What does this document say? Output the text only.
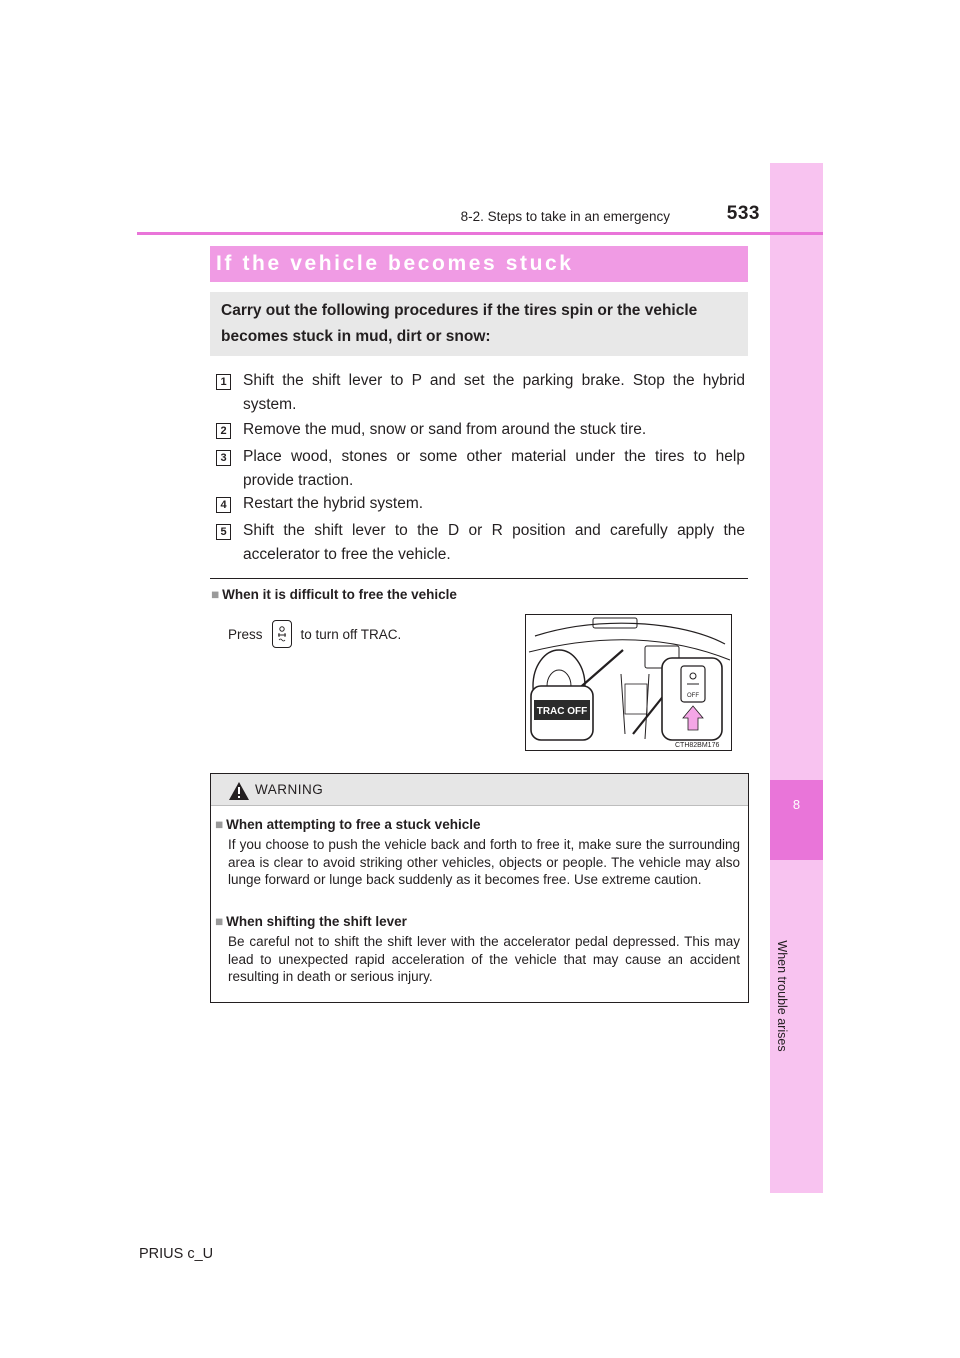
8
When trouble arises
8-2. Steps to take in an emergency	533
If the vehicle becomes stuck
Carry out the following procedures if the tires spin or the vehicle becomes stuck in mud, dirt or snow:
1 Shift the shift lever to P and set the parking brake. Stop the hybrid system.
2 Remove the mud, snow or sand from around the stuck tire.
3 Place wood, stones or some other material under the tires to help provide traction.
4 Restart the hybrid system.
5 Shift the shift lever to the D or R position and carefully apply the accelerator to free the vehicle.
■ When it is difficult to free the vehicle
Press	to turn off TRAC.
TRAC OFF
OFF
CTH82BM176
WARNING
■ When attempting to free a stuck vehicle
If you choose to push the vehicle back and forth to free it, make sure the surrounding area is clear to avoid striking other vehicles, objects or people. The vehicle may also lunge forward or lunge back suddenly as it becomes free. Use extreme caution.
■ When shifting the shift lever
Be careful not to shift the shift lever with the accelerator pedal depressed. This may lead to unexpected rapid acceleration of the vehicle that may cause an accident resulting in death or serious injury.
PRIUS c_U
